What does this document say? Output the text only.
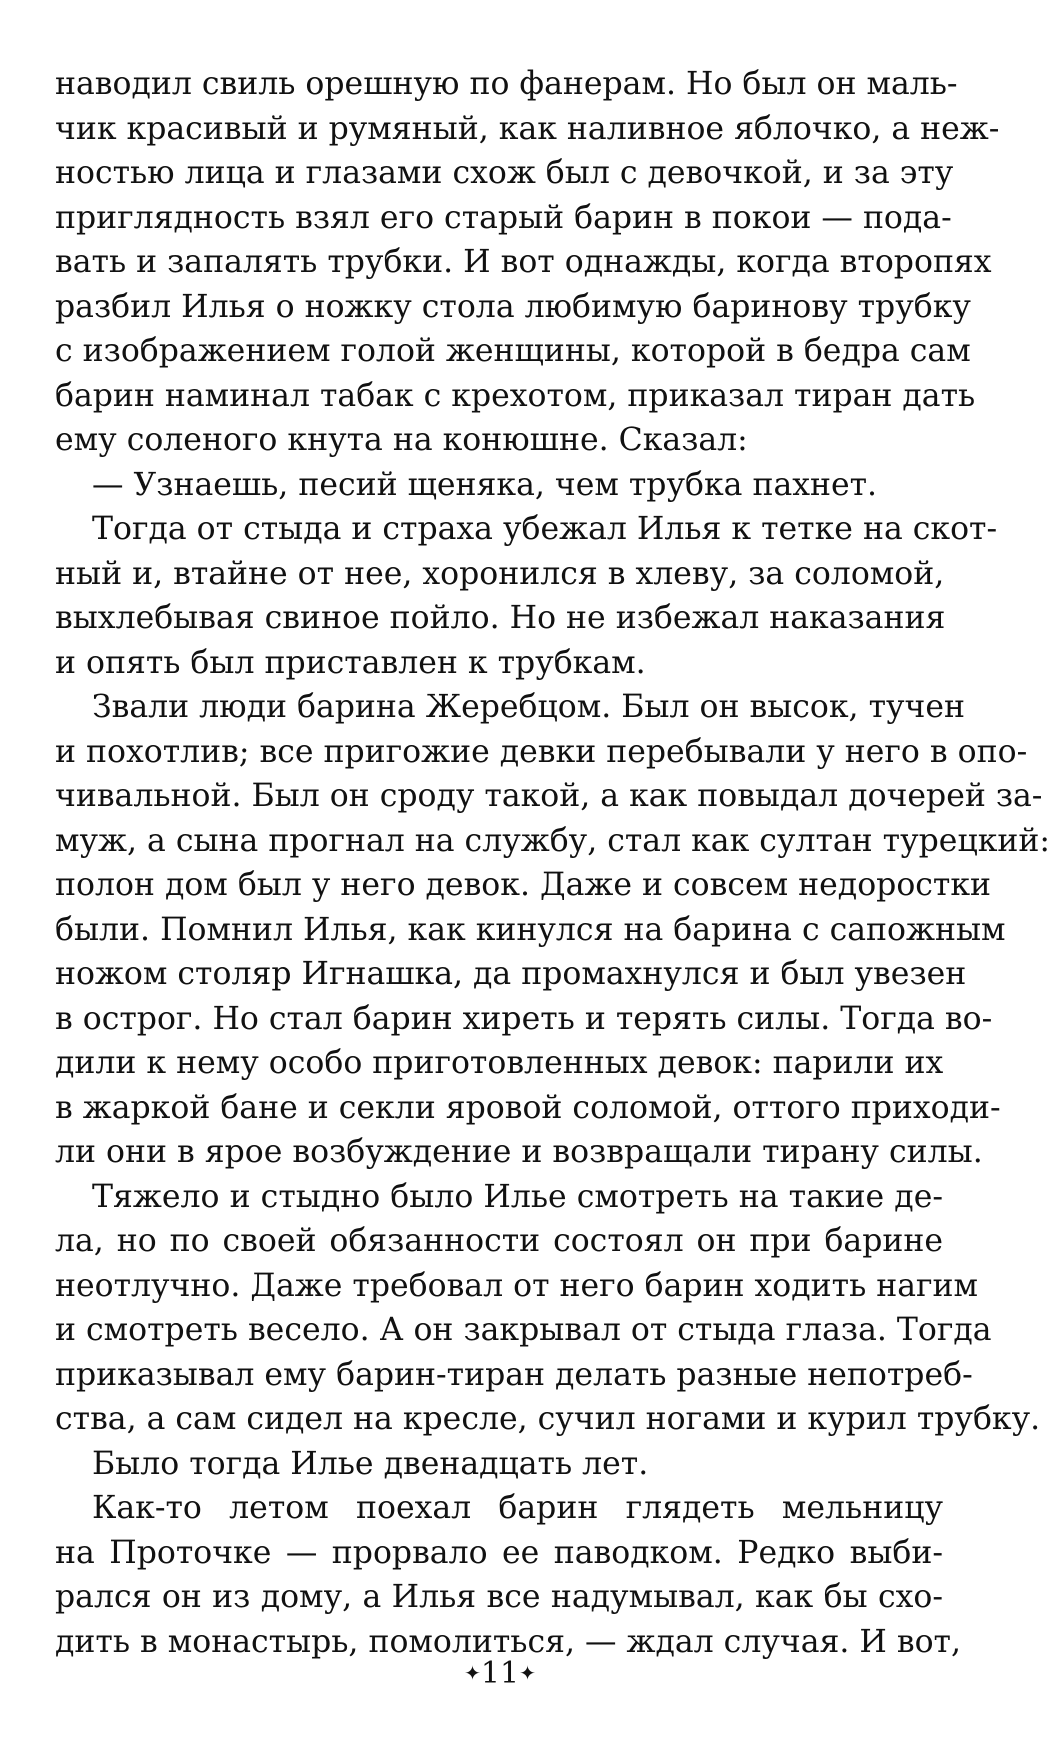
наводил свиль орешную по фанерам. Но был он маль-
чик красивый и румяный, как наливное яблочко, а неж-
ностью лица и глазами схож был с девочкой, и за эту
приглядность взял его старый барин в покои — пода-
вать и запалять трубки. И вот однажды, когда второпях
разбил Илья о ножку стола любимую баринову трубку
с изображением голой женщины, которой в бедра сам
барин наминал табак с крехотом, приказал тиран дать
ему соленого кнута на конюшне. Сказал:
— Узнаешь, песий щеняка, чем трубка пахнет.
Тогда от стыда и страха убежал Илья к тетке на скот-
ный и, втайне от нее, хоронился в хлеву, за соломой,
выхлебывая свиное пойло. Но не избежал наказания
и опять был приставлен к трубкам.
Звали люди барина Жеребцом. Был он высок, тучен
и похотлив; все пригожие девки перебывали у него в опо-
чивальной. Был он сроду такой, а как повыдал дочерей за-
муж, а сына прогнал на службу, стал как султан турецкий:
полон дом был у него девок. Даже и совсем недоростки
были. Помнил Илья, как кинулся на барина с сапожным
ножом столяр Игнашка, да промахнулся и был увезен
в острог. Но стал барин хиреть и терять силы. Тогда во-
дили к нему особо приготовленных девок: парили их
в жаркой бане и секли яровой соломой, оттого приходи-
ли они в ярое возбуждение и возвращали тирану силы.
Тяжело и стыдно было Илье смотреть на такие де-
ла, но по своей обязанности состоял он при барине
неотлучно. Даже требовал от него барин ходить нагим
и смотреть весело. А он закрывал от стыда глаза. Тогда
приказывал ему барин-тиран делать разные непотреб-
ства, а сам сидел на кресле, сучил ногами и курил трубку.
Было тогда Илье двенадцать лет.
Как-то летом поехал барин глядеть мельницу
на Проточке — прорвало ее паводком. Редко выби-
рался он из дому, а Илья все надумывал, как бы схо-
дить в монастырь, помолиться, — ждал случая. И вот,
✦11✦
